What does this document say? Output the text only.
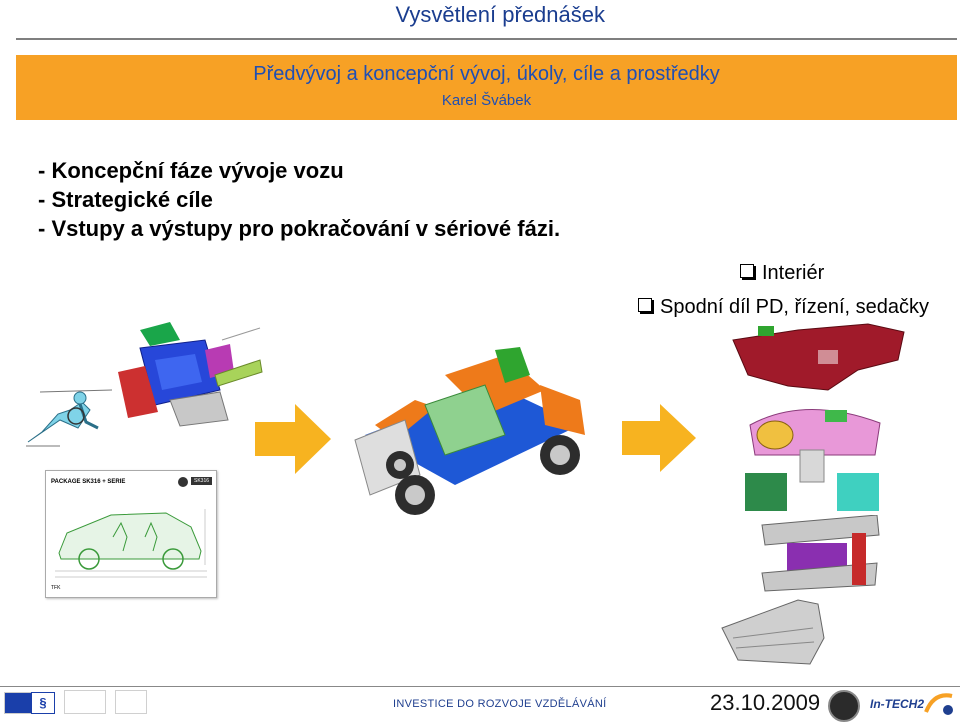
Vysvětlení přednášek
Předvývoj a koncepční vývoj, úkoly, cíle a prostředky
Karel Švábek
- Koncepční fáze vývoje vozu
- Strategické cíle
- Vstupy a výstupy pro pokračování v sériové fázi.
Interiér
Spodní díl PD, řízení, sedačky
PACKAGE SK316 + SERIE	SK316
TFK
§	INVESTICE DO ROZVOJE VZDĚLÁVÁNÍ	23.10.2009	In-TECH2
